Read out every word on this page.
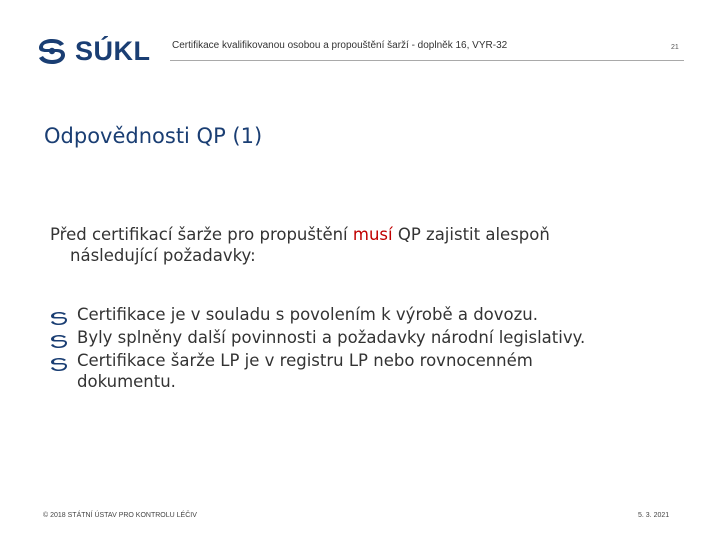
SÚKL Certifikace kvalifikovanou osobou a propouštění šarží - doplněk 16, VYR-32	21
Odpovědnosti QP (1)
Před certifikací šarže pro propuštění musí QP zajistit alespoň
následující požadavky:
Certifikace je v souladu s povolením k výrobě a dovozu.
Byly splněny další povinnosti a požadavky národní legislativy.
Certifikace šarže LP je v registru LP nebo rovnocenném
dokumentu.
© 2018 STÁTNÍ ÚSTAV PRO KONTROLU LÉČIV	5. 3. 2021
